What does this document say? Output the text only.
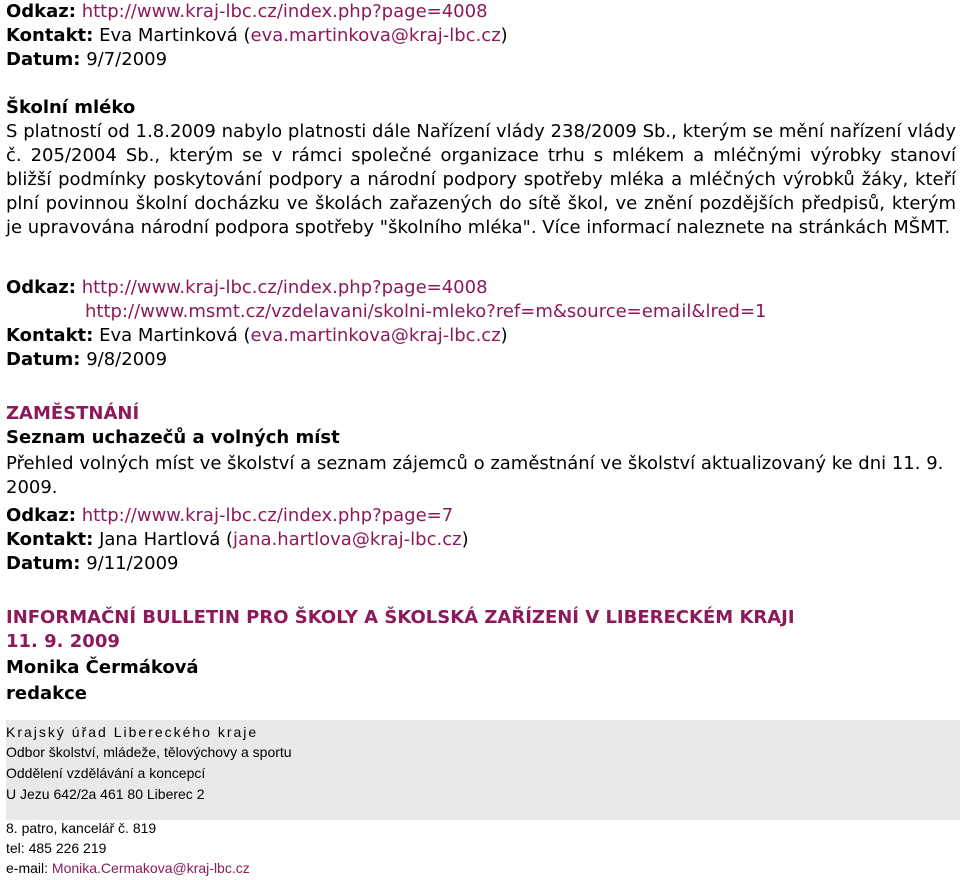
Odkaz: http://www.kraj-lbc.cz/index.php?page=4008
Kontakt: Eva Martinková (eva.martinkova@kraj-lbc.cz)
Datum: 9/7/2009
Školní mléko
S platností od 1.8.2009 nabylo platnosti dále Nařízení vlády 238/2009 Sb., kterým se mění nařízení vlády č. 205/2004 Sb., kterým se v rámci společné organizace trhu s mlékem a mléčnými výrobky stanoví bližší podmínky poskytování podpory a národní podpory spotřeby mléka a mléčných výrobků žáky, kteří plní povinnou školní docházku ve školách zařazených do sítě škol, ve znění pozdějších předpisů, kterým je upravována národní podpora spotřeby "školního mléka". Více informací naleznete na stránkách MŠMT.
Odkaz: http://www.kraj-lbc.cz/index.php?page=4008
http://www.msmt.cz/vzdelavani/skolni-mleko?ref=m&source=email&lred=1
Kontakt: Eva Martinková (eva.martinkova@kraj-lbc.cz)
Datum: 9/8/2009
ZAMĚSTNÁNÍ
Seznam uchazečů a volných míst
Přehled volných míst ve školství a seznam zájemců o zaměstnání ve školství aktualizovaný ke dni 11. 9. 2009.
Odkaz: http://www.kraj-lbc.cz/index.php?page=7
Kontakt: Jana Hartlová (jana.hartlova@kraj-lbc.cz)
Datum: 9/11/2009
INFORMAČNÍ BULLETIN PRO ŠKOLY A ŠKOLSKÁ ZAŘÍZENÍ V LIBERECKÉM KRAJI
11. 9. 2009
Monika Čermáková
redakce
Krajský úřad Libereckého kraje
Odbor školství, mládeže, tělovýchovy a sportu
Oddělení vzdělávání a koncepcí
U Jezu 642/2a 461 80 Liberec 2
8. patro, kancelář č. 819
tel: 485 226 219
e-mail: Monika.Cermakova@kraj-lbc.cz
